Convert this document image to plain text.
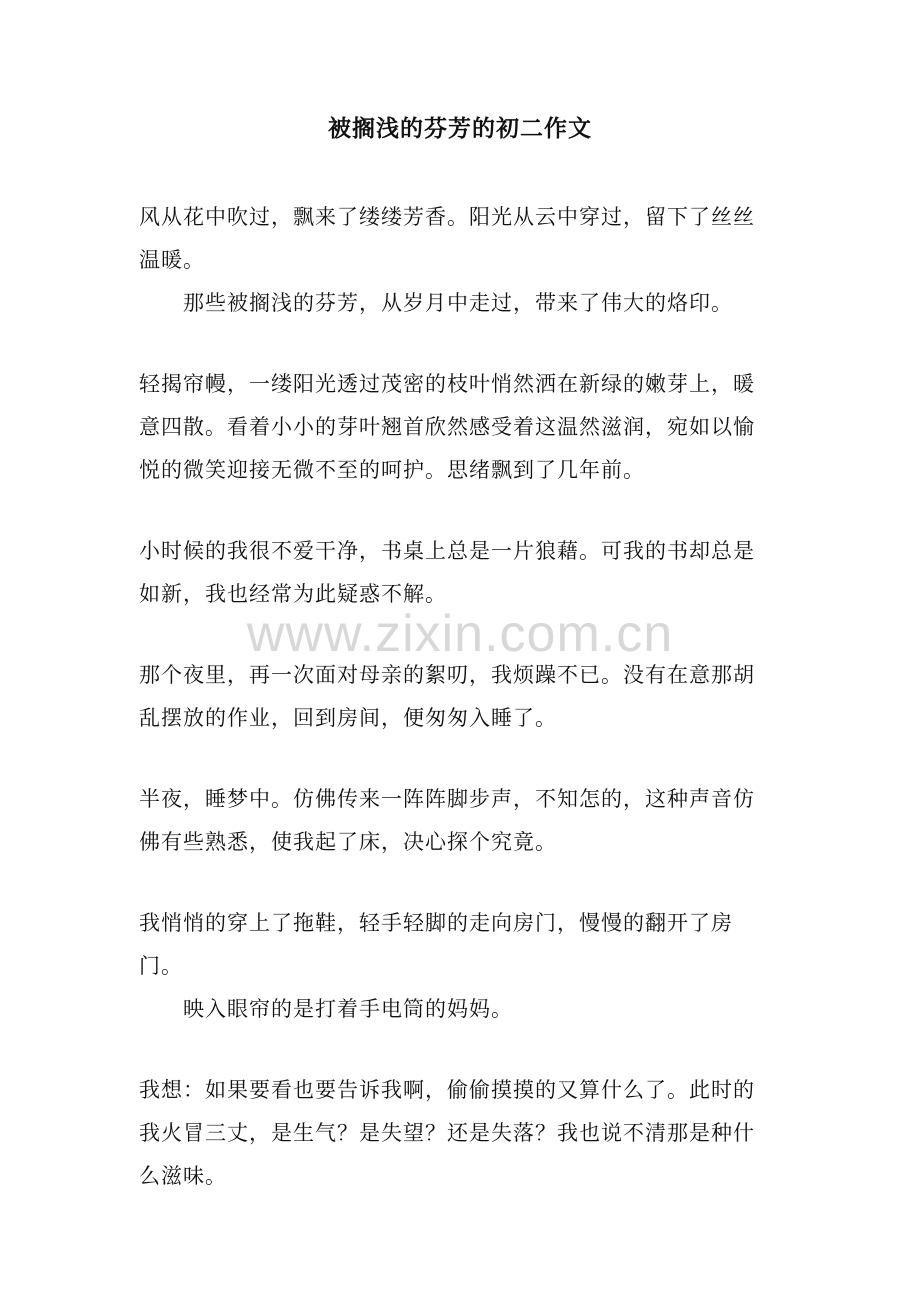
被搁浅的芬芳的初二作文

风从花中吹过，飘来了缕缕芳香。阳光从云中穿过，留下了丝丝温暖。

那些被搁浅的芬芳，从岁月中走过，带来了伟大的烙印。

轻揭帘幔，一缕阳光透过茂密的枝叶悄然洒在新绿的嫩芽上，暖意四散。看着小小的芽叶翘首欣然感受着这温然滋润，宛如以愉悦的微笑迎接无微不至的呵护。思绪飘到了几年前。

小时候的我很不爱干净，书桌上总是一片狼藉。可我的书却总是如新，我也经常为此疑惑不解。

那个夜里，再一次面对母亲的絮叨，我烦躁不已。没有在意那胡乱摆放的作业，回到房间，便匆匆入睡了。

半夜，睡梦中。仿佛传来一阵阵脚步声，不知怎的，这种声音仿佛有些熟悉，使我起了床，决心探个究竟。

我悄悄的穿上了拖鞋，轻手轻脚的走向房门，慢慢的翻开了房门。

映入眼帘的是打着手电筒的妈妈。

我想：如果要看也要告诉我啊，偷偷摸摸的又算什么了。此时的我火冒三丈，是生气？是失望？还是失落？我也说不清那是种什么滋味。

www.zixin.com.cn
